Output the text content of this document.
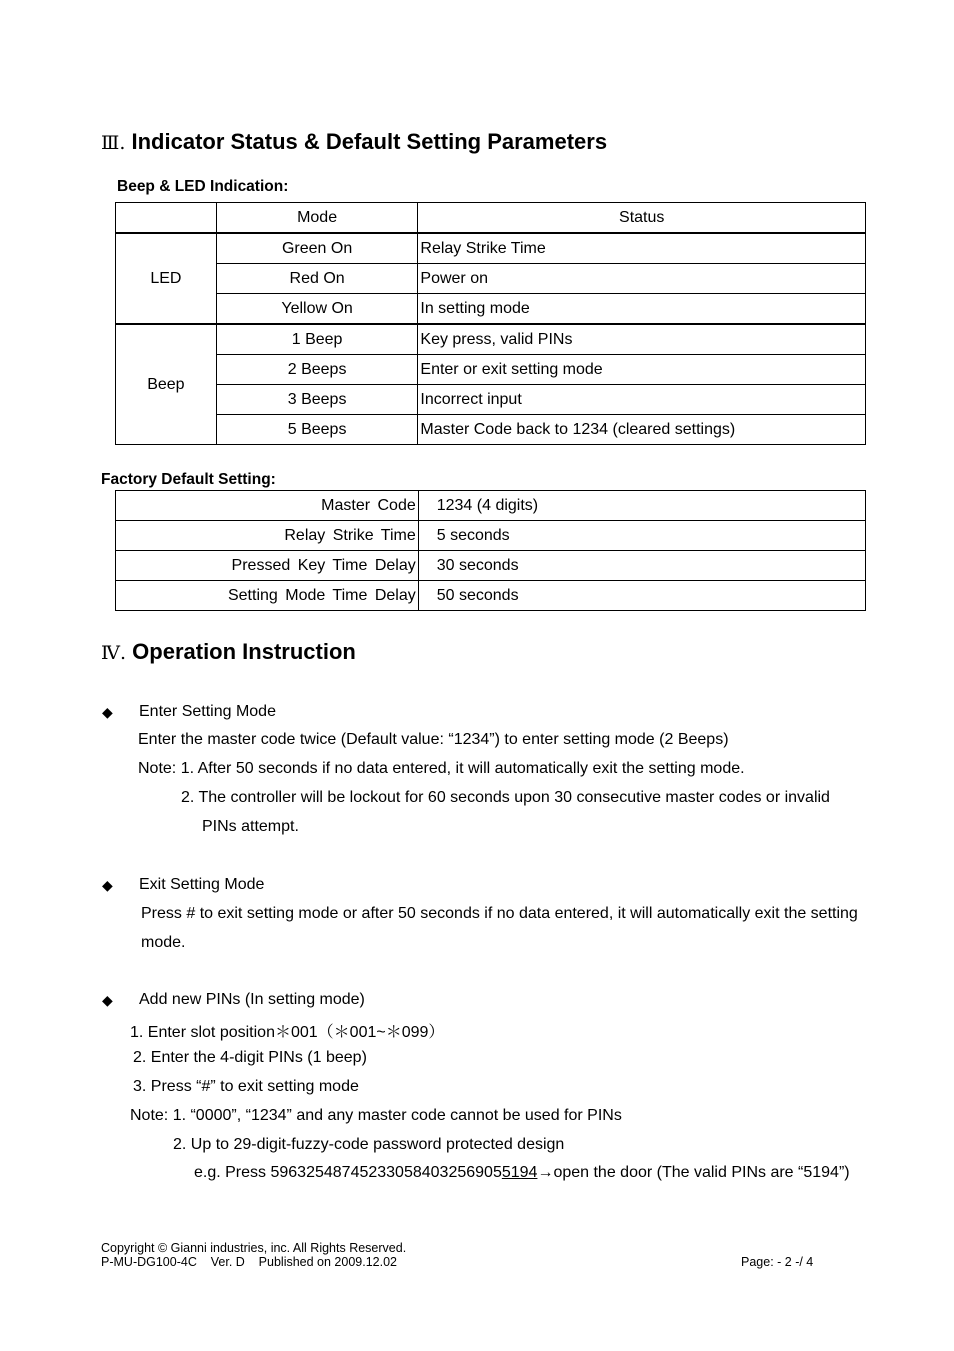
Ⅲ. Indicator Status & Default Setting Parameters
Beep & LED Indication:
	Mode	Status
LED	Green On	Relay Strike Time
	Red On	Power on
	Yellow On	In setting mode
Beep	1 Beep	Key press, valid PINs
	2 Beeps	Enter or exit setting mode
	3 Beeps	Incorrect input
	5 Beeps	Master Code back to 1234 (cleared settings)
Factory Default Setting:
Master Code	1234 (4 digits)
Relay Strike Time	5 seconds
Pressed Key Time Delay	30 seconds
Setting Mode Time Delay	50 seconds
Ⅳ. Operation Instruction
◆ Enter Setting Mode
Enter the master code twice (Default value: “1234”) to enter setting mode (2 Beeps)
Note: 1. After 50 seconds if no data entered, it will automatically exit the setting mode.
2. The controller will be lockout for 60 seconds upon 30 consecutive master codes or invalid
PINs attempt.
◆ Exit Setting Mode
Press # to exit setting mode or after 50 seconds if no data entered, it will automatically exit the setting
mode.
◆ Add new PINs (In setting mode)
1. Enter slot position＊001（＊001~＊099）
2. Enter the 4-digit PINs (1 beep)
3. Press “#” to exit setting mode
Note: 1. “0000”, “1234” and any master code cannot be used for PINs
2. Up to 29-digit-fuzzy-code password protected design
e.g. Press 596325487452330584032569055194→open the door (The valid PINs are “5194”)
Copyright © Gianni industries, inc. All Rights Reserved.
P-MU-DG100-4C    Ver. D    Published on 2009.12.02	Page: - 2 -/ 4
